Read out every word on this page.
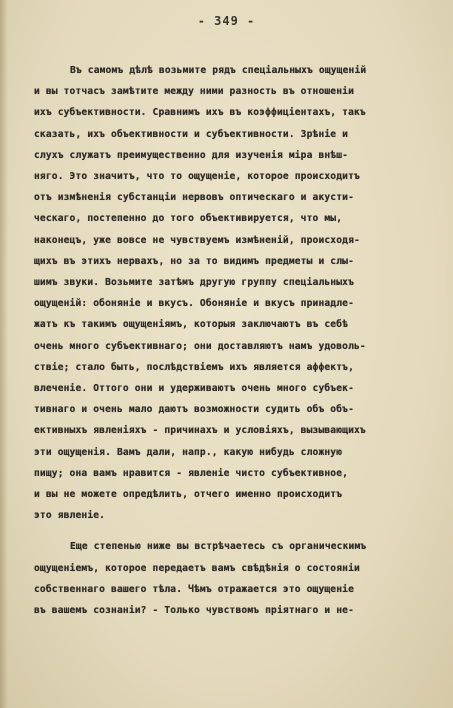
- 349 -
Въ самомъ дѣлѣ возьмите рядъ спеціальныхъ ощущеній
и вы тотчасъ замѣтите между ними разность въ отношеніи
ихъ субъективности. Сравнимъ ихъ въ коэффиціентахъ, такъ
сказать, ихъ объективности и субъективности. Зрѣніе и
слухъ служатъ преимущественно для изученія міра внѣш-
няго. Это значитъ, что то ощущеніе, которое происходитъ
отъ измѣненія субстанціи нервовъ оптическаго и акусти-
ческаго, постепенно до того объективируется, что мы,
наконецъ, уже вовсе не чувствуемъ измѣненій, происходя-
щихъ въ этихъ нервахъ, но за то видимъ предметы и слы-
шимъ звуки. Возьмите затѣмъ другую группу спеціальныхъ
ощущеній: обоняніе и вкусъ. Обоняніе и вкусъ принадле-
жатъ къ такимъ ощущеніямъ, которыя заключаютъ въ себѣ
очень много субъективнаго; они доставляютъ намъ удоволь-
ствіе; стало быть, послѣдствіемъ ихъ является аффектъ,
влеченіе. Оттого они и удерживаютъ очень много субъек-
тивнаго и очень мало даютъ возможности судить объ объ-
ективныхъ явленіяхъ - причинахъ и условіяхъ, вызывающихъ
эти ощущенія. Вамъ дали, напр., какую нибудь сложную
пищу; она вамъ нравится - явленіе чисто субъективное,
и вы не можете опредѣлить, отчего именно происходитъ
это явленіе.
Еще степенью ниже вы встрѣчаетесь съ органическимъ
ощущеніемъ, которое передаетъ вамъ свѣдѣнія о состояніи
собственнаго вашего тѣла. Чѣмъ отражается это ощущеніе
въ вашемъ сознаніи? - Только чувствомъ пріятнаго и не-
